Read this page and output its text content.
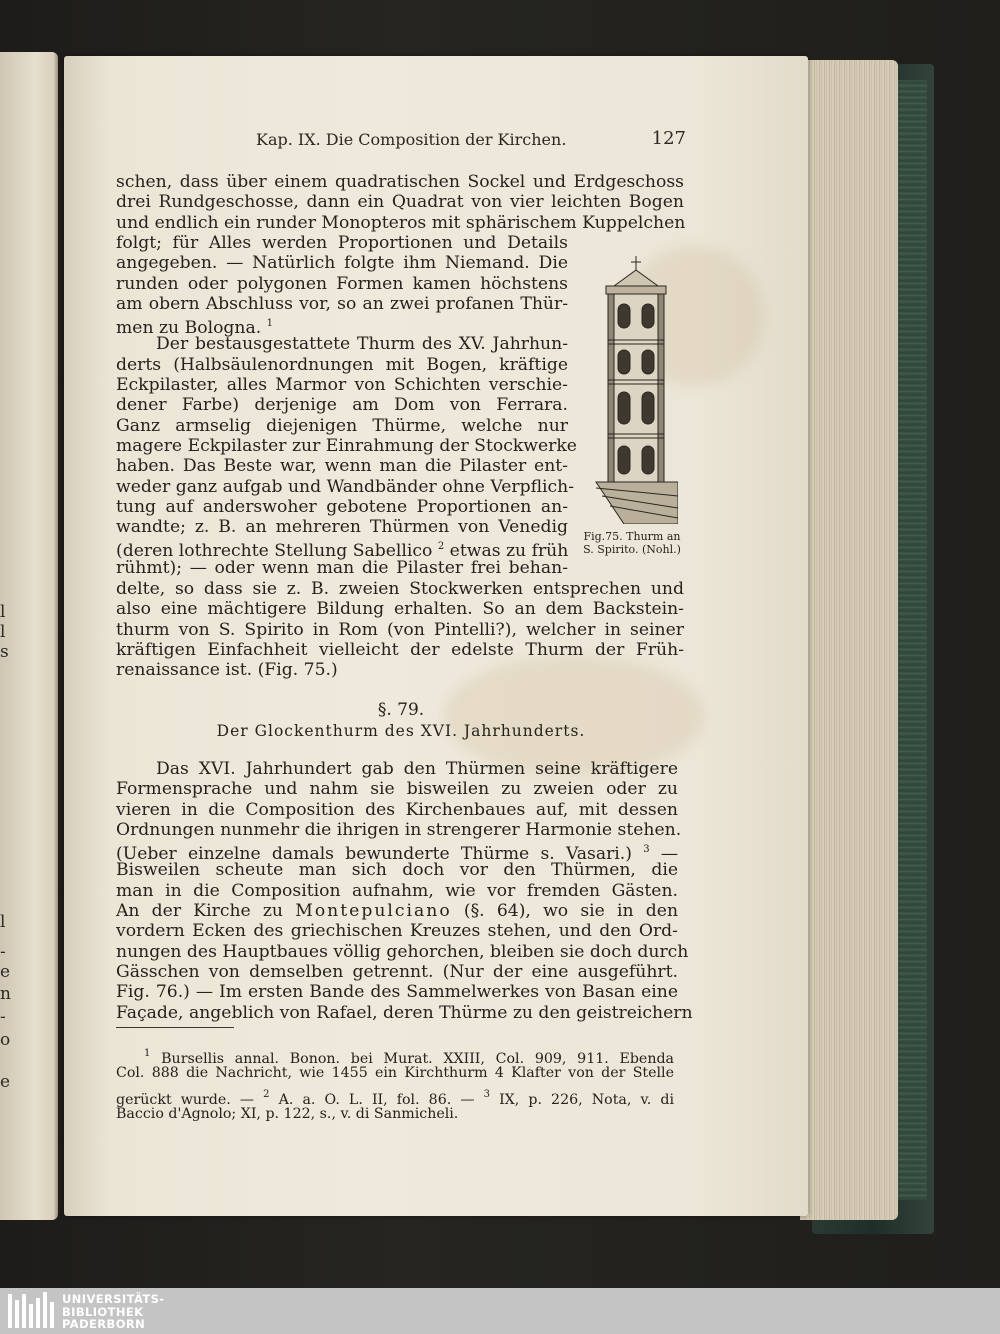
l
l
s
l
-
e
n
-
o
e
Kap. IX. Die Composition der Kirchen.	127
schen, dass über einem quadratischen Sockel und Erdgeschoss
drei Rundgeschosse, dann ein Quadrat von vier leichten Bogen
und endlich ein runder Monopteros mit sphärischem Kuppelchen
folgt; für Alles werden Proportionen und Details
angegeben. — Natürlich folgte ihm Niemand. Die
runden oder polygonen Formen kamen höchstens
am obern Abschluss vor, so an zwei profanen Thür-
men zu Bologna. $^1$
Der bestausgestattete Thurm des XV. Jahrhun-
derts (Halbsäulenordnungen mit Bogen, kräftige
Eckpilaster, alles Marmor von Schichten verschie-
dener Farbe) derjenige am Dom von Ferrara.
Ganz armselig diejenigen Thürme, welche nur
magere Eckpilaster zur Einrahmung der Stockwerke
haben. Das Beste war, wenn man die Pilaster ent-
weder ganz aufgab und Wandbänder ohne Verpflich-
tung auf anderswoher gebotene Proportionen an-
wandte; z. B. an mehreren Thürmen von Venedig
(deren lothrechte Stellung Sabellico $^2$ etwas zu früh
rühmt); — oder wenn man die Pilaster frei behan-
delte, so dass sie z. B. zweien Stockwerken entsprechen und
also eine mächtigere Bildung erhalten. So an dem Backstein-
thurm von S. Spirito in Rom (von Pintelli?), welcher in seiner
kräftigen Einfachheit vielleicht der edelste Thurm der Früh-
renaissance ist. (Fig. 75.)
Fig.75. Thurm an
S. Spirito. (Nohl.)
§. 79.
Der Glockenthurm des XVI. Jahrhunderts.
Das XVI. Jahrhundert gab den Thürmen seine kräftigere
Formensprache und nahm sie bisweilen zu zweien oder zu
vieren in die Composition des Kirchenbaues auf, mit dessen
Ordnungen nunmehr die ihrigen in strengerer Harmonie stehen.
(Ueber einzelne damals bewunderte Thürme s. Vasari.) $^3$ —
Bisweilen scheute man sich doch vor den Thürmen, die
man in die Composition aufnahm, wie vor fremden Gästen.
An der Kirche zu Montepulciano (§. 64), wo sie in den
vordern Ecken des griechischen Kreuzes stehen, und den Ord-
nungen des Hauptbaues völlig gehorchen, bleiben sie doch durch
Gässchen von demselben getrennt. (Nur der eine ausgeführt.
Fig. 76.) — Im ersten Bande des Sammelwerkes von Basan eine
Façade, angeblich von Rafael, deren Thürme zu den geistreichern
$^1$ Bursellis annal. Bonon. bei Murat. XXIII, Col. 909, 911. Ebenda
Col. 888 die Nachricht, wie 1455 ein Kirchthurm 4 Klafter von der Stelle
gerückt wurde. — $^2$ A. a. O. L. II, fol. 86. — $^3$ IX, p. 226, Nota, v. di
Baccio d'Agnolo; XI, p. 122, s., v. di Sanmicheli.
UNIVERSITÄTS-
BIBLIOTHEK
PADERBORN
